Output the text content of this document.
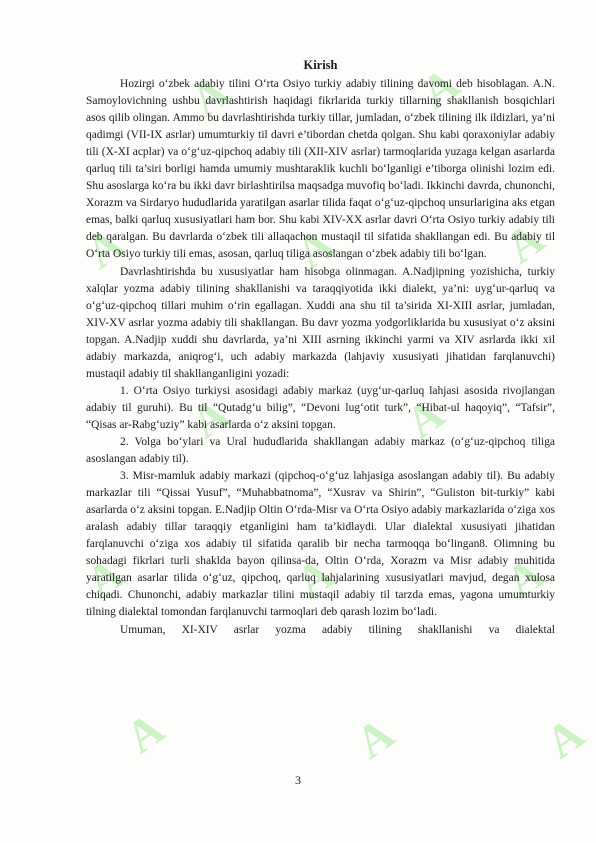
A	A
A	A	A
A	A
A	A	A
A	A	A
Kirish

Hozirgi o‘zbek adabiy tilini O‘rta Osiyo turkiy adabiy tilining davomi deb hisoblagan. A.N. Samoylovichning ushbu davrlashtirish haqidagi fikrlarida turkiy tillarning shakllanish bosqichlari asos qilib olingan. Ammo bu davrlashtirishda turkiy tillar, jumladan, o‘zbek tilining ilk ildizlari, ya’ni qadimgi (VII-IX asrlar) umumturkiy til davri e’tibordan chetda qolgan. Shu kabi qoraxoniylar adabiy tili (X-XI acplar) va o‘g‘uz-qipchoq adabiy tili (XII-XIV asrlar) tarmoqlarida yuzaga kelgan asarlarda qarluq tili ta’siri borligi hamda umumiy mushtaraklik kuchli bo‘lganligi e’tiborga olinishi lozim edi. Shu asoslarga ko‘ra bu ikki davr birlashtirilsa maqsadga muvofiq bo‘ladi. Ikkinchi davrda, chunonchi, Xorazm va Sirdaryo hududlarida yaratilgan asarlar tilida faqat o‘g‘uz-qipchoq unsurlarigina aks etgan emas, balki qarluq xususiyatlari ham bor. Shu kabi XIV-XX asrlar davri O‘rta Osiyo turkiy adabiy tili deb qaralgan. Bu davrlarda o‘zbek tili allaqachon mustaqil til sifatida shakllangan edi. Bu adabiy til O‘rta Osiyo turkiy tili emas, asosan, qarluq tiliga asoslangan o‘zbek adabiy tili bo‘lgan.

Davrlashtirishda bu xususiyatlar ham hisobga olinmagan. A.Nadjipning yozishicha, turkiy xalqlar yozma adabiy tilining shakllanishi va taraqqiyotida ikki dialekt, ya’ni: uyg‘ur-qarluq va o‘g‘uz-qipchoq tillari muhim o‘rin egallagan. Xuddi ana shu til ta’sirida XI-XIII asrlar, jumladan, XIV-XV asrlar yozma adabiy tili shakllangan. Bu davr yozma yodgorliklarida bu xususiyat o‘z aksini topgan. A.Nadjip xuddi shu davrlarda, ya’ni XIII asrning ikkinchi yarmi va XIV asrlarda ikki xil adabiy markazda, aniqrog‘i, uch adabiy markazda (lahjaviy xususiyati jihatidan farqlanuvchi) mustaqil adabiy til shakllanganligini yozadi:

1. O‘rta Osiyo turkiysi asosidagi adabiy markaz (uyg‘ur-qarluq lahjasi asosida rivojlangan adabiy til guruhi). Bu til “Qutadg‘u bilig”, “Devoni lug‘otit turk”, “Hibat-ul haqoyiq”, “Tafsir”, “Qisas ar-Rabg‘uziy” kabi asarlarda o‘z aksini topgan.

2. Volga bo‘ylari va Ural hududlarida shakllangan adabiy markaz (o‘g‘uz-qipchoq tiliga asoslangan adabiy til).

3. Misr-mamluk adabiy markazi (qipchoq-o‘g‘uz lahjasiga asoslangan adabiy til). Bu adabiy markazlar tili “Qissai Yusuf”, “Muhabbatnoma”, “Xusrav va Shirin”, “Guliston bit-turkiy” kabi asarlarda o‘z aksini topgan. E.Nadjip Oltin O‘rda-Misr va O‘rta Osiyo adabiy markazlarida o‘ziga xos aralash adabiy tillar taraqqiy etganligini ham ta’kidlaydi. Ular dialektal xususiyati jihatidan farqlanuvchi o‘ziga xos adabiy til sifatida qaralib bir necha tarmoqqa bo‘lingan8. Olimning bu sohadagi fikrlari turli shaklda bayon qilinsa-da, Oltin O‘rda, Xorazm va Misr adabiy muhitida yaratilgan asarlar tilida o‘g‘uz, qipchoq, qarluq lahjalarining xususiyatlari mavjud, degan xulosa chiqadi. Chunonchi, adabiy markazlar tilini mustaqil adabiy til tarzda emas, yagona umumturkiy tilning dialektal tomondan farqlanuvchi tarmoqlari deb qarash lozim bo‘ladi.

Umuman, XI-XIV asrlar yozma adabiy tilining shakllanishi va dialektal

3
